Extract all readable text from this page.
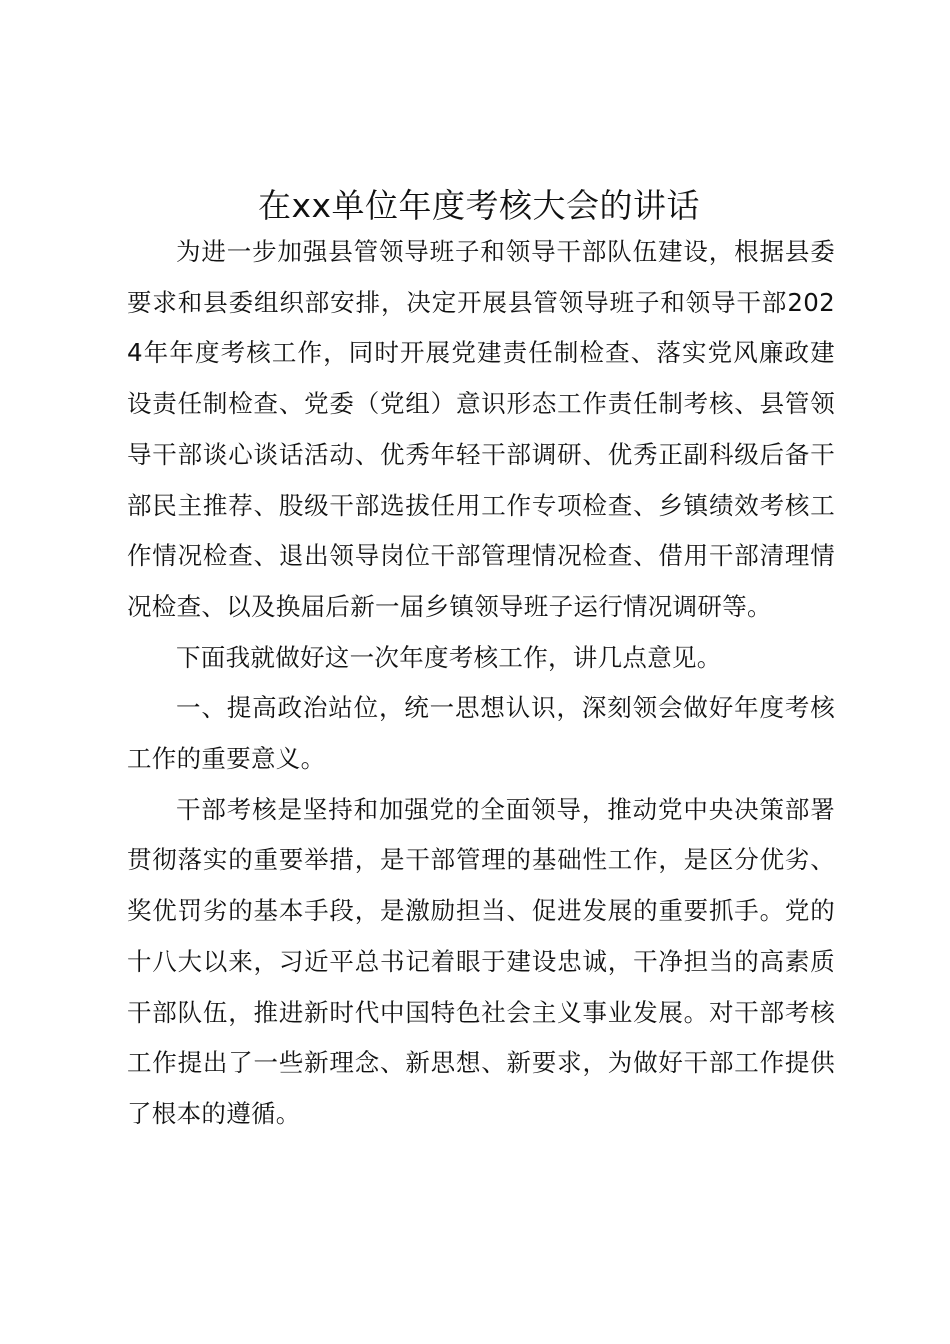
在xx单位年度考核大会的讲话

为进一步加强县管领导班子和领导干部队伍建设，根据县委要求和县委组织部安排，决定开展县管领导班子和领导干部2024年年度考核工作，同时开展党建责任制检查、落实党风廉政建设责任制检查、党委（党组）意识形态工作责任制考核、县管领导干部谈心谈话活动、优秀年轻干部调研、优秀正副科级后备干部民主推荐、股级干部选拔任用工作专项检查、乡镇绩效考核工作情况检查、退出领导岗位干部管理情况检查、借用干部清理情况检查、以及换届后新一届乡镇领导班子运行情况调研等。

下面我就做好这一次年度考核工作，讲几点意见。

一、提高政治站位，统一思想认识，深刻领会做好年度考核工作的重要意义。

干部考核是坚持和加强党的全面领导，推动党中央决策部署贯彻落实的重要举措，是干部管理的基础性工作，是区分优劣、奖优罚劣的基本手段，是激励担当、促进发展的重要抓手。党的十八大以来，习近平总书记着眼于建设忠诚，干净担当的高素质干部队伍，推进新时代中国特色社会主义事业发展。对干部考核工作提出了一些新理念、新思想、新要求，为做好干部工作提供了根本的遵循。
